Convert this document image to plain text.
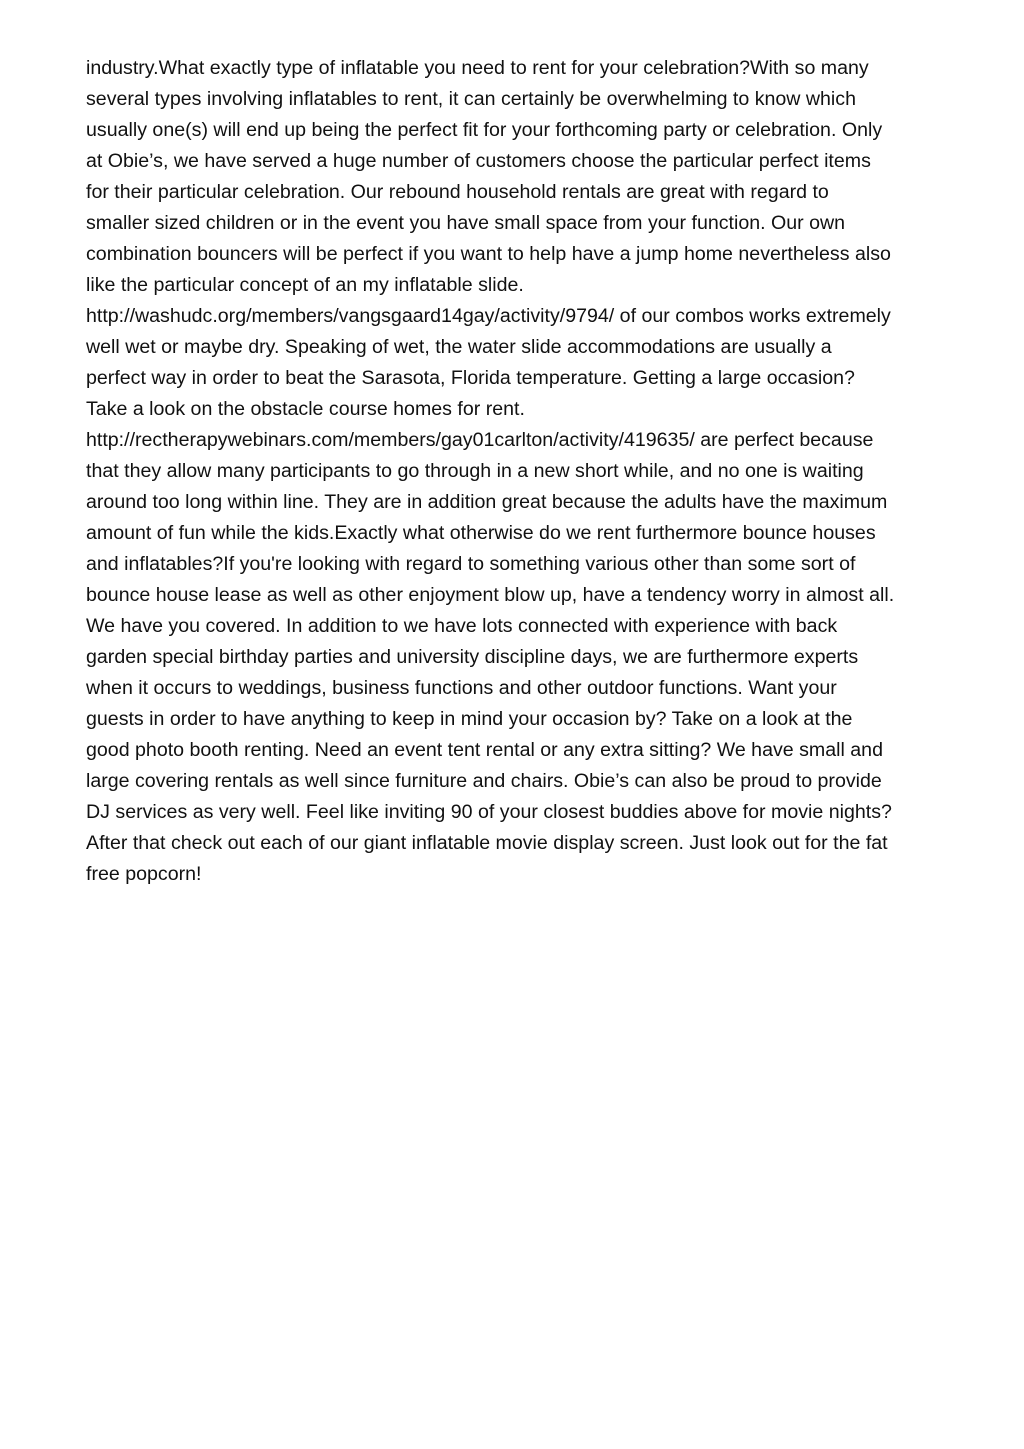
industry.What exactly type of inflatable you need to rent for your celebration?With so many
several types involving inflatables to rent, it can certainly be overwhelming to know which
usually one(s) will end up being the perfect fit for your forthcoming party or celebration. Only
at Obie’s, we have served a huge number of customers choose the particular perfect items
for their particular celebration. Our rebound household rentals are great with regard to
smaller sized children or in the event you have small space from your function. Our own
combination bouncers will be perfect if you want to help have a jump home nevertheless also
like the particular concept of an my inflatable slide.
http://washudc.org/members/vangsgaard14gay/activity/9794/ of our combos works extremely
well wet or maybe dry. Speaking of wet, the water slide accommodations are usually a
perfect way in order to beat the Sarasota, Florida temperature. Getting a large occasion?
Take a look on the obstacle course homes for rent.
http://rectherapywebinars.com/members/gay01carlton/activity/419635/ are perfect because
that they allow many participants to go through in a new short while, and no one is waiting
around too long within line. They are in addition great because the adults have the maximum
amount of fun while the kids.Exactly what otherwise do we rent furthermore bounce houses
and inflatables?If you're looking with regard to something various other than some sort of
bounce house lease as well as other enjoyment blow up, have a tendency worry in almost all.
We have you covered. In addition to we have lots connected with experience with back
garden special birthday parties and university discipline days, we are furthermore experts
when it occurs to weddings, business functions and other outdoor functions. Want your
guests in order to have anything to keep in mind your occasion by? Take on a look at the
good photo booth renting. Need an event tent rental or any extra sitting? We have small and
large covering rentals as well since furniture and chairs. Obie’s can also be proud to provide
DJ services as very well. Feel like inviting 90 of your closest buddies above for movie nights?
After that check out each of our giant inflatable movie display screen. Just look out for the fat
free popcorn!
